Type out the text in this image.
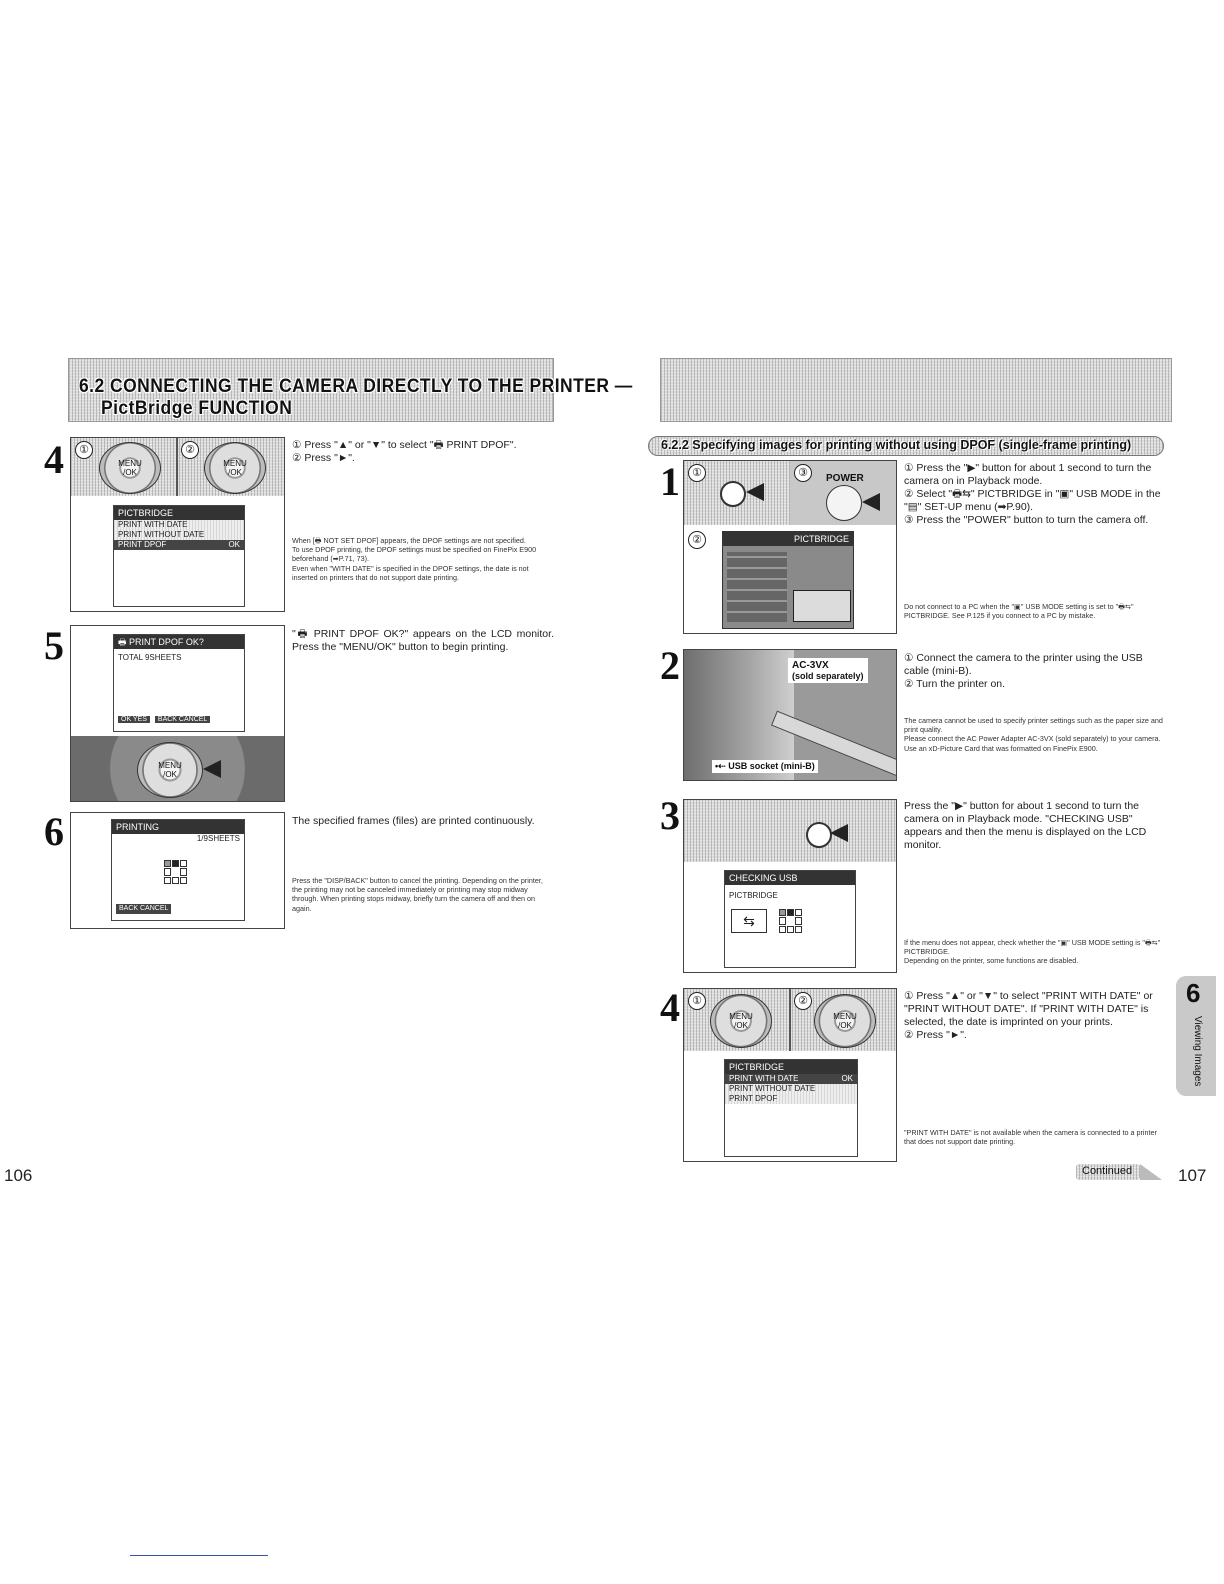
6.2 CONNECTING THE CAMERA DIRECTLY TO THE PRINTER —
PictBridge FUNCTION
4	MENU
/OK
MENU
/OK
①	②
PICTBRIDGE
PRINT WITH DATE
PRINT WITHOUT DATE
PRINT DPOF	OK
① Press "▲" or "▼" to select "🖶 PRINT DPOF".
② Press "►".
When [🖶 NOT SET DPOF] appears, the DPOF settings are not specified.
To use DPOF printing, the DPOF settings must be specified on FinePix E900 beforehand (➡P.71, 73).
Even when "WITH DATE" is specified in the DPOF settings, the date is not inserted on printers that do not support date printing.
5	🖶 PRINT DPOF OK?
TOTAL 9SHEETS
OK YES BACK CANCEL
MENU
/OK
"🖶 PRINT DPOF OK?" appears on the LCD monitor. Press the "MENU/OK" button to begin printing.
6	PRINTING
1/9SHEETS
BACK CANCEL
The specified frames (files) are printed continuously.
Press the "DISP/BACK" button to cancel the printing. Depending on the printer, the printing may not be canceled immediately or printing may stop midway through. When printing stops midway, briefly turn the camera off and then on again.
106
6.2.2 Specifying images for printing without using DPOF (single-frame printing)
1	POWER
①	③
②	PICTBRIDGE
① Press the "▶" button for about 1 second to turn the camera on in Playback mode.
② Select "🖶⇆" PICTBRIDGE in "▣" USB MODE in the "▤" SET-UP menu (➡P.90).
③ Press the "POWER" button to turn the camera off.
Do not connect to a PC when the "▣" USB MODE setting is set to "🖶⇆" PICTBRIDGE. See P.125 if you connect to a PC by mistake.
2	AC-3VX
(sold separately)
•⇠ USB socket (mini-B)
① Connect the camera to the printer using the USB cable (mini-B).
② Turn the printer on.
The camera cannot be used to specify printer settings such as the paper size and print quality.
Please connect the AC Power Adapter AC-3VX (sold separately) to your camera.
Use an xD-Picture Card that was formatted on FinePix E900.
3
CHECKING USB
PICTBRIDGE
⇆
Press the "▶" button for about 1 second to turn the camera on in Playback mode. "CHECKING USB" appears and then the menu is displayed on the LCD monitor.
If the menu does not appear, check whether the "▣" USB MODE setting is "🖶⇆" PICTBRIDGE.
Depending on the printer, some functions are disabled.
4	MENU
/OK
MENU
/OK
①	②
PICTBRIDGE
PRINT WITH DATE	OK
PRINT WITHOUT DATE
PRINT DPOF
① Press "▲" or "▼" to select "PRINT WITH DATE" or "PRINT WITHOUT DATE". If "PRINT WITH DATE" is selected, the date is imprinted on your prints.
② Press "►".
"PRINT WITH DATE" is not available when the camera is connected to a printer that does not support date printing.
6
Viewing Images
Continued	107
